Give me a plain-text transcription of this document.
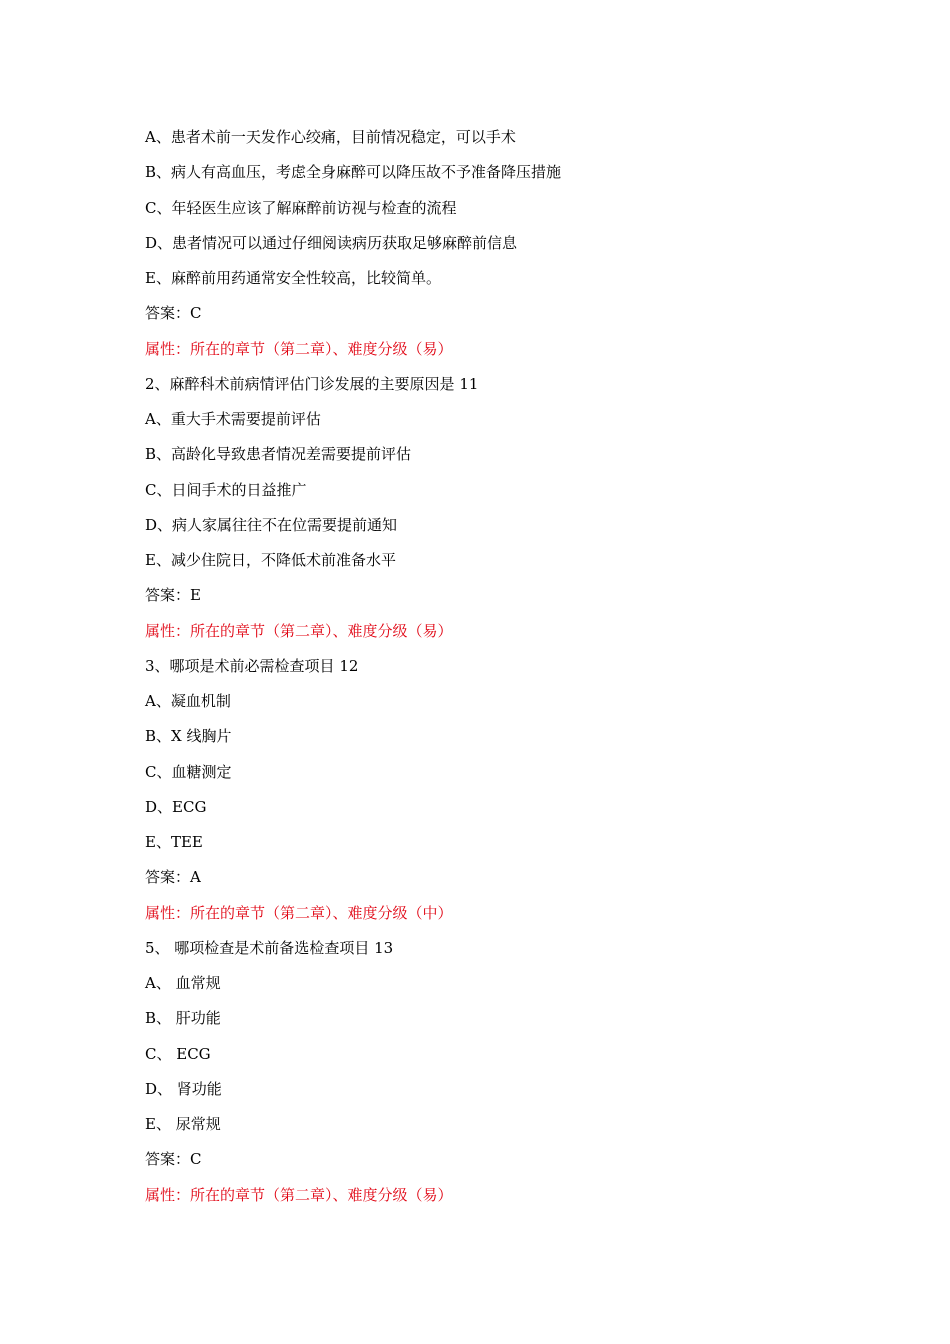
A、患者术前一天发作心绞痛，目前情况稳定，可以手术
B、病人有高血压，考虑全身麻醉可以降压故不予准备降压措施
C、年轻医生应该了解麻醉前访视与检查的流程
D、患者情况可以通过仔细阅读病历获取足够麻醉前信息
E、麻醉前用药通常安全性较高，比较简单。
答案：C
属性：所在的章节（第二章）、难度分级（易）
2、麻醉科术前病情评估门诊发展的主要原因是 11
A、重大手术需要提前评估
B、高龄化导致患者情况差需要提前评估
C、日间手术的日益推广
D、病人家属往往不在位需要提前通知
E、减少住院日，不降低术前准备水平
答案：E
属性：所在的章节（第二章）、难度分级（易）
3、哪项是术前必需检查项目 12
A、凝血机制
B、X 线胸片
C、血糖测定
D、ECG
E、TEE
答案：A
属性：所在的章节（第二章）、难度分级（中）
5、 哪项检查是术前备选检查项目 13
A、 血常规
B、 肝功能
C、 ECG
D、 肾功能
E、 尿常规
答案：C
属性：所在的章节（第二章）、难度分级（易）
